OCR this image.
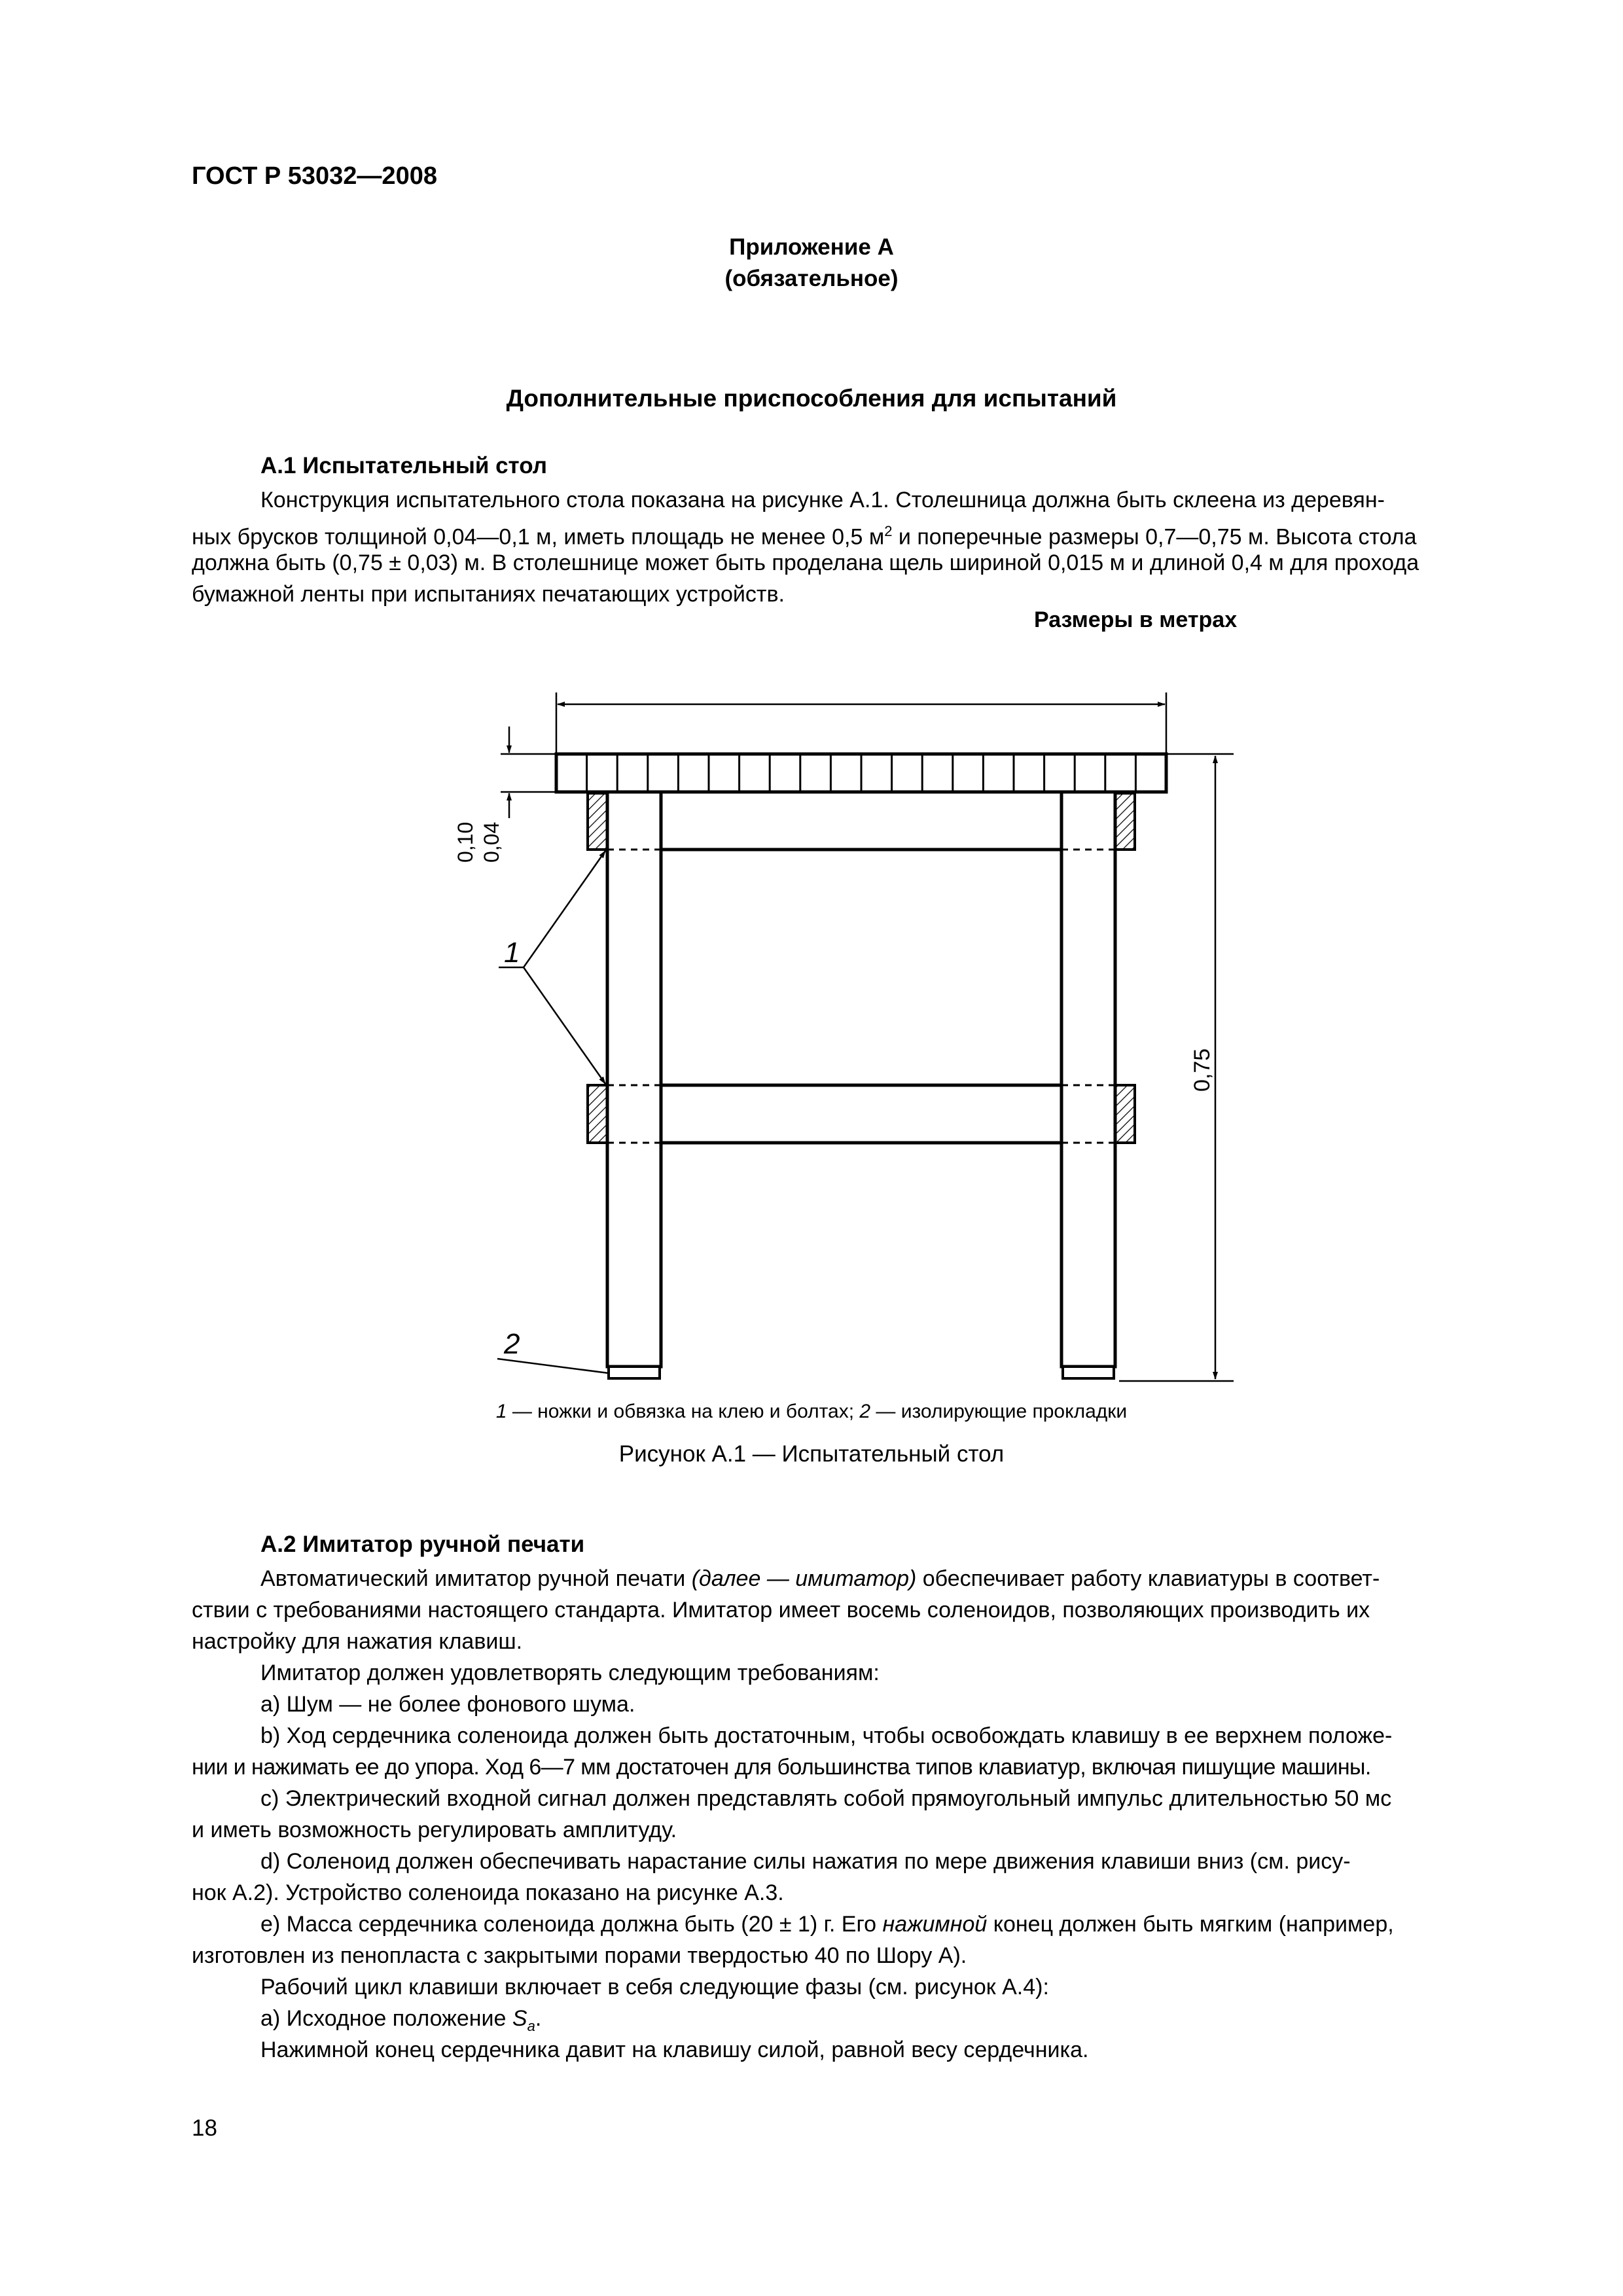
ГОСТ Р 53032—2008
Приложение А
(обязательное)
Дополнительные приспособления для испытаний
А.1 Испытательный стол
Конструкция испытательного стола показана на рисунке А.1. Столешница должна быть склеена из деревян-
ных брусков толщиной 0,04—0,1 м, иметь площадь не менее 0,5 $м^2$ и поперечные размеры 0,7—0,75 м. Высота стола
должна быть (0,75 ± 0,03) м. В столешнице может быть проделана щель шириной 0,015 м и длиной 0,4 м для прохода
бумажной ленты при испытаниях печатающих устройств.
Размеры в метрах
0,10 0,04
0,75
1
2
1 — ножки и обвязка на клею и болтах; 2 — изолирующие прокладки
Рисунок А.1 — Испытательный стол
А.2 Имитатор ручной печати
Автоматический имитатор ручной печати (далее — имитатор) обеспечивает работу клавиатуры в соответ-
ствии с требованиями настоящего стандарта. Имитатор имеет восемь соленоидов, позволяющих производить их
настройку для нажатия клавиш.
Имитатор должен удовлетворять следующим требованиям:
a) Шум — не более фонового шума.
b) Ход сердечника соленоида должен быть достаточным, чтобы освобождать клавишу в ее верхнем положе-
нии и нажимать ее до упора. Ход 6—7 мм достаточен для большинства типов клавиатур, включая пишущие машины.
c) Электрический входной сигнал должен представлять собой прямоугольный импульс длительностью 50 мс
и иметь возможность регулировать амплитуду.
d) Соленоид должен обеспечивать нарастание силы нажатия по мере движения клавиши вниз (см. рису-
нок А.2). Устройство соленоида показано на рисунке А.3.
e) Масса сердечника соленоида должна быть (20 ± 1) г. Его нажимной конец должен быть мягким (например,
изготовлен из пенопласта с закрытыми порами твердостью 40 по Шору А).
Рабочий цикл клавиши включает в себя следующие фазы (см. рисунок А.4):
a) Исходное положение $S_a$.
Нажимной конец сердечника давит на клавишу силой, равной весу сердечника.
18
